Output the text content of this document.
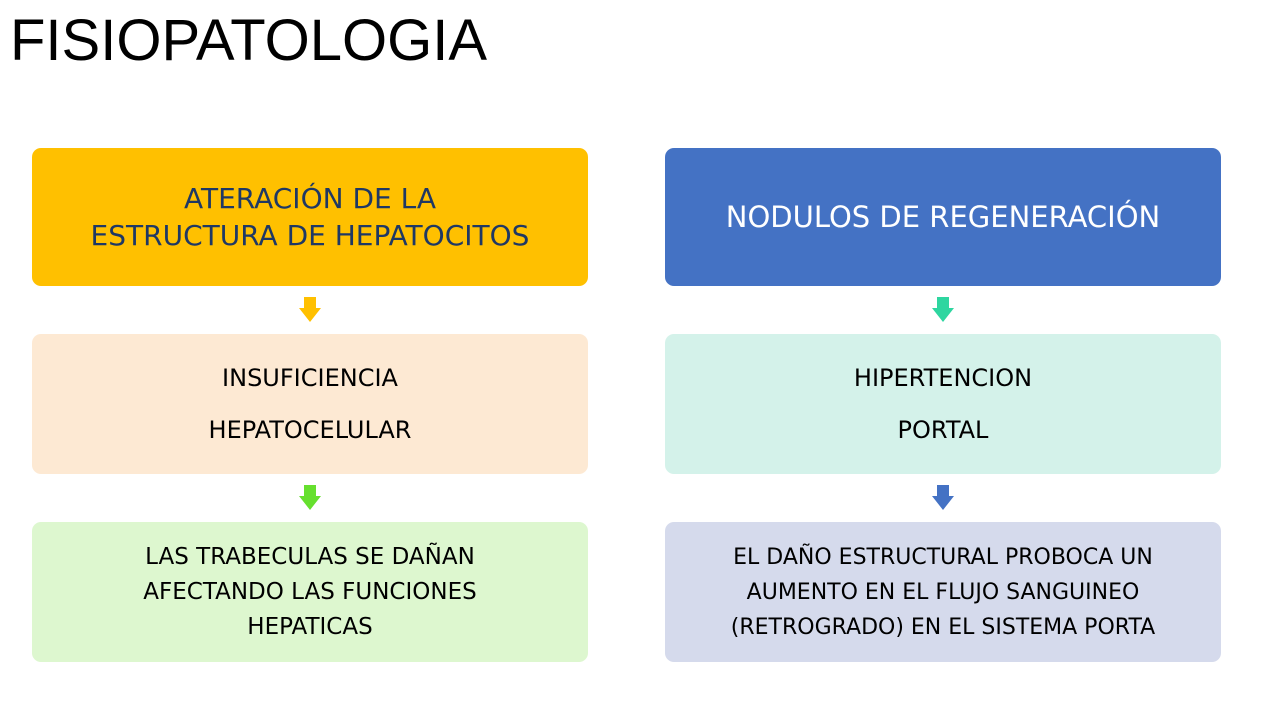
FISIOPATOLOGIA
ATERACIÓN DE LA
ESTRUCTURA DE HEPATOCITOS
INSUFICIENCIA
HEPATOCELULAR
LAS TRABECULAS SE DAÑAN
AFECTANDO LAS FUNCIONES
HEPATICAS
NODULOS DE REGENERACIÓN
HIPERTENCION
PORTAL
EL DAÑO ESTRUCTURAL PROBOCA UN
AUMENTO EN EL FLUJO SANGUINEO
(RETROGRADO) EN EL SISTEMA PORTA
